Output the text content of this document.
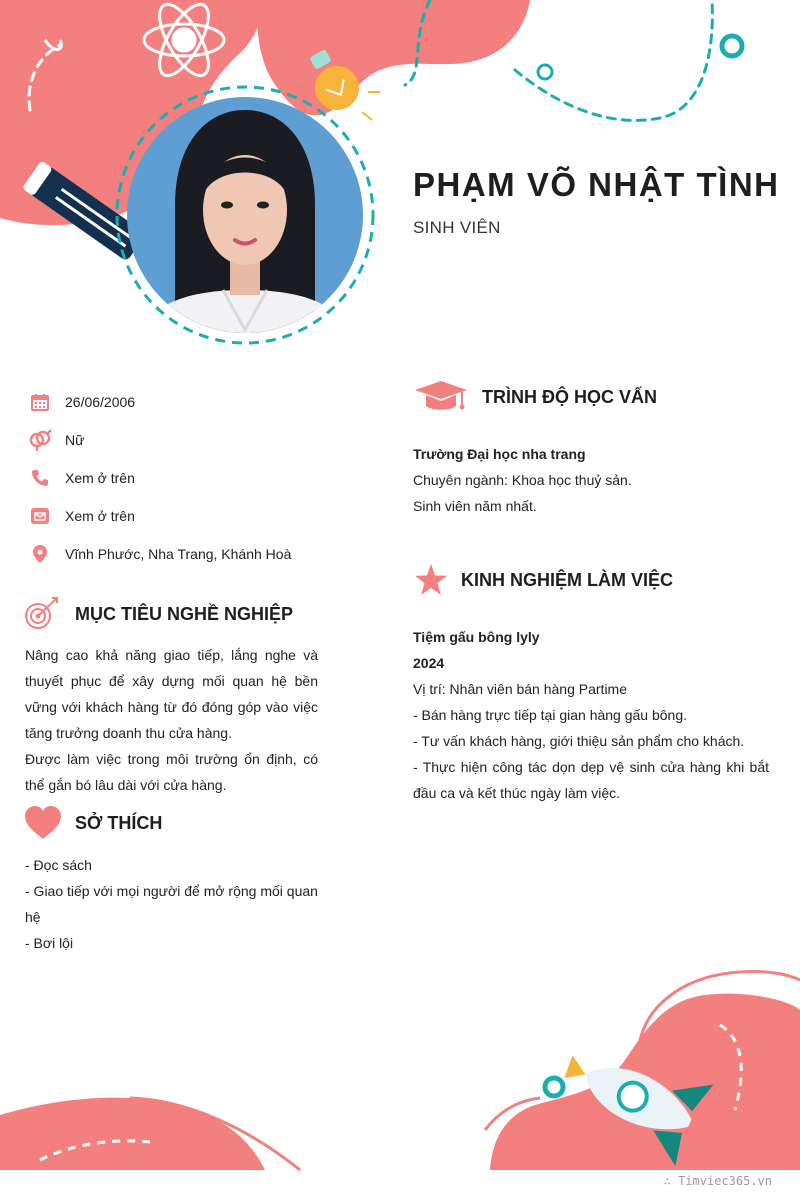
PHẠM VÕ NHẬT TÌNH
SINH VIÊN
26/06/2006
Nữ
Xem ở trên
Xem ở trên
Vĩnh Phước, Nha Trang, Khánh Hoà
MỤC TIÊU NGHỀ NGHIỆP
Nâng cao khả năng giao tiếp, lắng nghe và thuyết phục để xây dựng mối quan hệ bền vững với khách hàng từ đó đóng góp vào việc tăng trưởng doanh thu cửa hàng.
Được làm việc trong môi trường ổn định, có thể gắn bó lâu dài với cửa hàng.
SỞ THÍCH
- Đọc sách
- Giao tiếp với mọi người để mở rộng mối quan hệ
- Bơi lội
TRÌNH ĐỘ HỌC VẤN
Trường Đại học nha trang
Chuyên ngành: Khoa học thuỷ sản.
Sinh viên năm nhất.
KINH NGHIỆM LÀM VIỆC
Tiệm gấu bông lyly
2024
Vị trí: Nhân viên bán hàng Partime
- Bán hàng trực tiếp tại gian hàng gấu bông.
- Tư vấn khách hàng, giới thiệu sản phẩm cho khách.
- Thực hiện công tác dọn dẹp vệ sinh cửa hàng khi bắt đầu ca và kết thúc ngày làm việc.
∴ Timviec365.vn
